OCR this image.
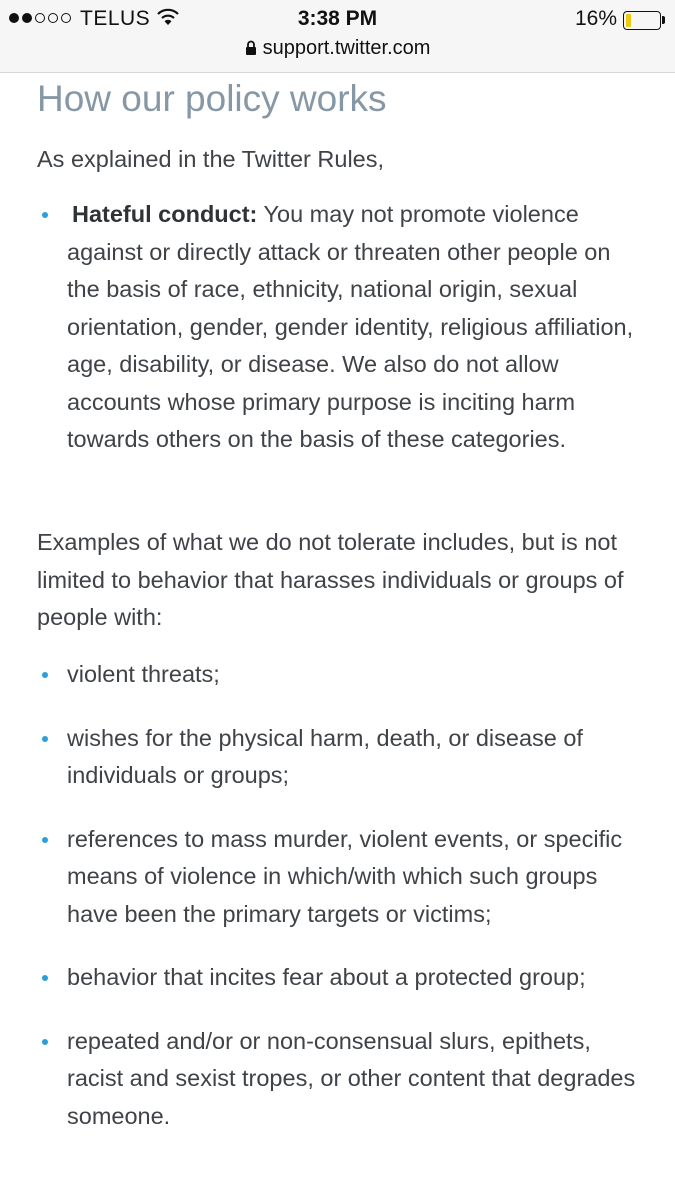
TELUS	3:38 PM	16%
support.twitter.com
How our policy works

As explained in the Twitter Rules,

Hateful conduct: You may not promote violence against or directly attack or threaten other people on the basis of race, ethnicity, national origin, sexual orientation, gender, gender identity, religious affiliation, age, disability, or disease. We also do not allow accounts whose primary purpose is inciting harm towards others on the basis of these categories.

Examples of what we do not tolerate includes, but is not limited to behavior that harasses individuals or groups of people with:

violent threats;
wishes for the physical harm, death, or disease of individuals or groups;
references to mass murder, violent events, or specific means of violence in which/with which such groups have been the primary targets or victims;
behavior that incites fear about a protected group;
repeated and/or or non-consensual slurs, epithets, racist and sexist tropes, or other content that degrades someone.
